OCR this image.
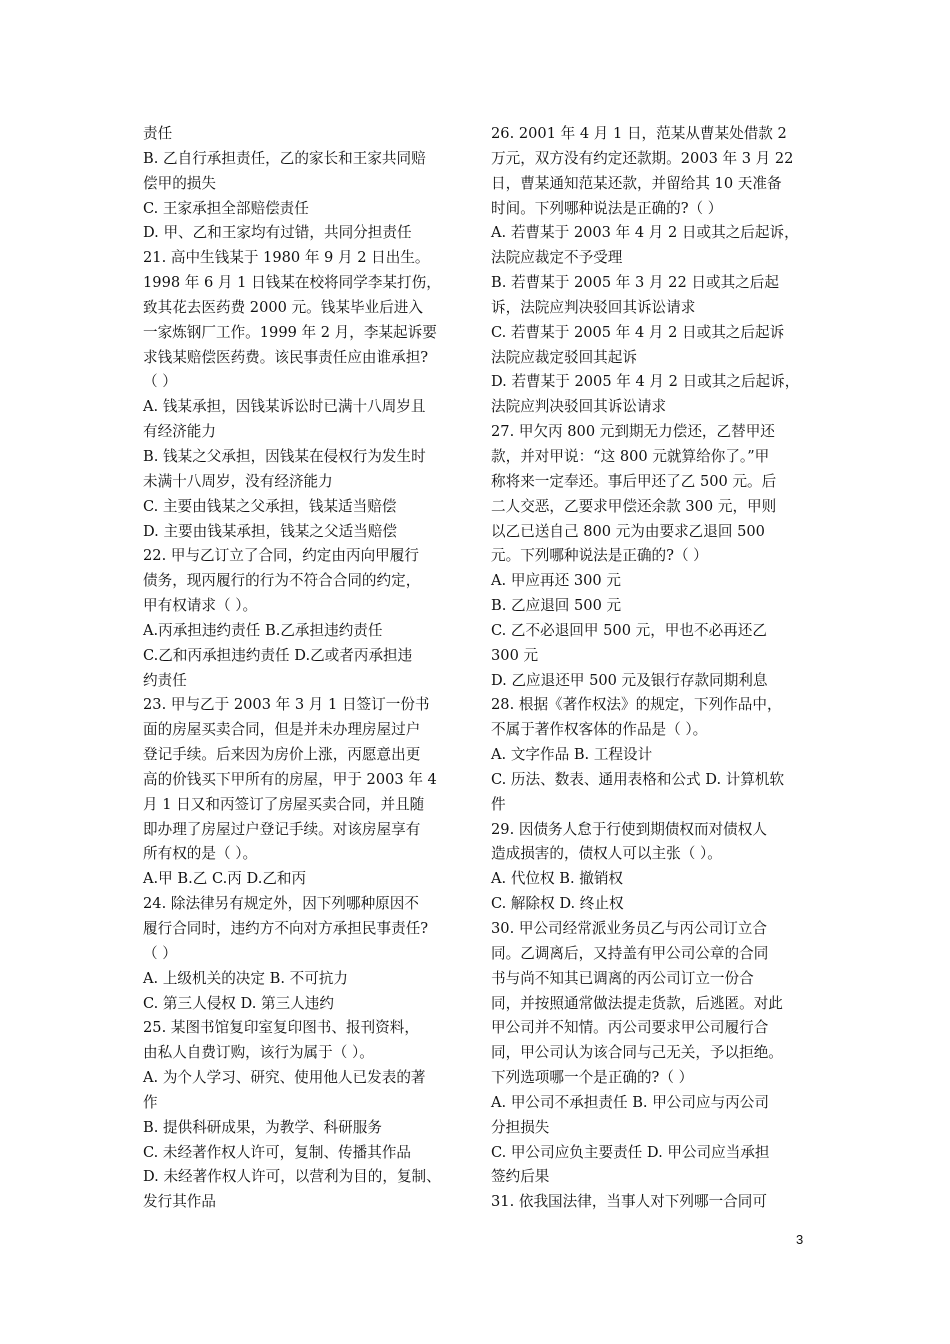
责任
B. 乙自行承担责任，乙的家长和王家共同赔
偿甲的损失
C. 王家承担全部赔偿责任
D. 甲、乙和王家均有过错，共同分担责任
21. 高中生钱某于 1980 年 9 月 2 日出生。
1998 年 6 月 1 日钱某在校将同学李某打伤，
致其花去医药费 2000 元。钱某毕业后进入
一家炼钢厂工作。1999 年 2 月，李某起诉要
求钱某赔偿医药费。该民事责任应由谁承担?
（ ）
A. 钱某承担，因钱某诉讼时已满十八周岁且
有经济能力
B. 钱某之父承担，因钱某在侵权行为发生时
未满十八周岁，没有经济能力
C. 主要由钱某之父承担，钱某适当赔偿
D. 主要由钱某承担，钱某之父适当赔偿
22. 甲与乙订立了合同，约定由丙向甲履行
债务，现丙履行的行为不符合合同的约定，
甲有权请求（ ）。
A.丙承担违约责任 B.乙承担违约责任
C.乙和丙承担违约责任 D.乙或者丙承担违
约责任
23. 甲与乙于 2003 年 3 月 1 日签订一份书
面的房屋买卖合同，但是并未办理房屋过户
登记手续。后来因为房价上涨，丙愿意出更
高的价钱买下甲所有的房屋，甲于 2003 年 4
月 1 日又和丙签订了房屋买卖合同，并且随
即办理了房屋过户登记手续。对该房屋享有
所有权的是（ ）。
A.甲 B.乙 C.丙 D.乙和丙
24. 除法律另有规定外，因下列哪种原因不
履行合同时，违约方不向对方承担民事责任?
（ ）
A. 上级机关的决定 B. 不可抗力
C. 第三人侵权 D. 第三人违约
25. 某图书馆复印室复印图书、报刊资料，
由私人自费订购，该行为属于（ ）。
A. 为个人学习、研究、使用他人已发表的著
作
B. 提供科研成果，为教学、科研服务
C. 未经著作权人许可，复制、传播其作品
D. 未经著作权人许可，以营利为目的，复制、
发行其作品
26. 2001 年 4 月 1 日，范某从曹某处借款 2
万元，双方没有约定还款期。2003 年 3 月 22
日，曹某通知范某还款，并留给其 10 天准备
时间。下列哪种说法是正确的?（ ）
A. 若曹某于 2003 年 4 月 2 日或其之后起诉，
法院应裁定不予受理
B. 若曹某于 2005 年 3 月 22 日或其之后起
诉，法院应判决驳回其诉讼请求
C. 若曹某于 2005 年 4 月 2 日或其之后起诉
法院应裁定驳回其起诉
D. 若曹某于 2005 年 4 月 2 日或其之后起诉，
法院应判决驳回其诉讼请求
27. 甲欠丙 800 元到期无力偿还，乙替甲还
款，并对甲说：“这 800 元就算给你了。”甲
称将来一定奉还。事后甲还了乙 500 元。后
二人交恶，乙要求甲偿还余款 300 元，甲则
以乙已送自己 800 元为由要求乙退回 500
元。下列哪种说法是正确的?（ ）
A. 甲应再还 300 元
B. 乙应退回 500 元
C. 乙不必退回甲 500 元，甲也不必再还乙
300 元
D. 乙应退还甲 500 元及银行存款同期利息
28. 根据《著作权法》的规定，下列作品中，
不属于著作权客体的作品是（ ）。
A. 文字作品 B. 工程设计
C. 历法、数表、通用表格和公式 D. 计算机软
件
29. 因债务人怠于行使到期债权而对债权人
造成损害的，债权人可以主张（ ）。
A. 代位权 B. 撤销权
C. 解除权 D. 终止权
30. 甲公司经常派业务员乙与丙公司订立合
同。乙调离后，又持盖有甲公司公章的合同
书与尚不知其已调离的丙公司订立一份合
同，并按照通常做法提走货款，后逃匿。对此
甲公司并不知情。丙公司要求甲公司履行合
同，甲公司认为该合同与己无关，予以拒绝。
下列选项哪一个是正确的?（ ）
A. 甲公司不承担责任 B. 甲公司应与丙公司
分担损失
C. 甲公司应负主要责任 D. 甲公司应当承担
签约后果
31. 依我国法律，当事人对下列哪一合同可
3
